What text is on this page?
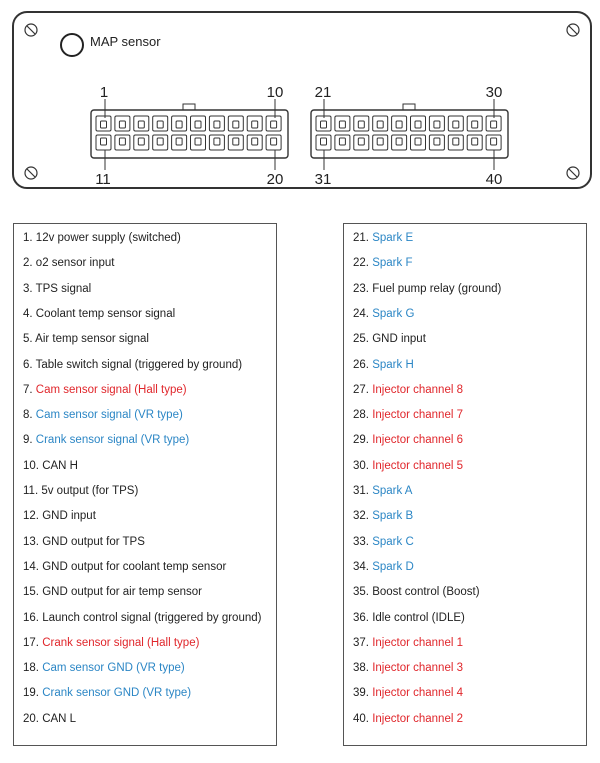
MAP sensor
1	10
11	20
21	30
31	40
1. 12v power supply (switched)
2. o2 sensor input
3. TPS signal
4. Coolant temp sensor signal
5. Air temp sensor signal
6. Table switch signal (triggered by ground)
7. Cam sensor signal (Hall type)
8. Cam sensor signal (VR type)
9. Crank sensor signal (VR type)
10. CAN H
11. 5v output (for TPS)
12. GND input
13. GND output for TPS
14. GND output for coolant temp sensor
15. GND output for air temp sensor
16. Launch control signal (triggered by ground)
17. Crank sensor signal (Hall type)
18. Cam sensor GND (VR type)
19. Crank sensor GND (VR type)
20. CAN L
21. Spark E
22. Spark F
23. Fuel pump relay (ground)
24. Spark G
25. GND input
26. Spark H
27. Injector channel 8
28. Injector channel 7
29. Injector channel 6
30. Injector channel 5
31. Spark A
32. Spark B
33. Spark C
34. Spark D
35. Boost control (Boost)
36. Idle control (IDLE)
37. Injector channel 1
38. Injector channel 3
39. Injector channel 4
40. Injector channel 2
